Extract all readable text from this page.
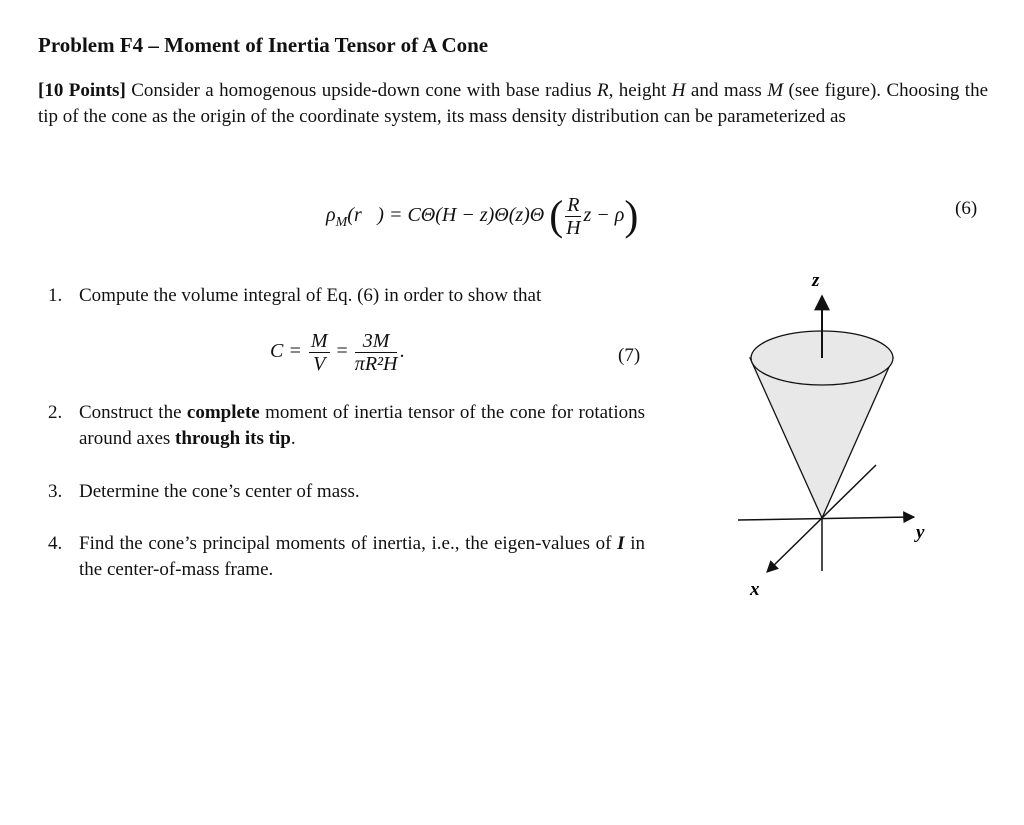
Problem F4 – Moment of Inertia Tensor of A Cone
[10 Points] Consider a homogenous upside-down cone with base radius R, height H and mass M (see figure). Choosing the tip of the cone as the origin of the coordinate system, its mass density distribution can be parameterized as
$\rho_M(r⃗) = C\Theta(H - z)\Theta(z)\Theta$ ( $\frac{R}{H}$ z − ρ)	(6)
1. Compute the volume integral of Eq. (6) in order to show that
2. Construct the complete moment of inertia tensor of the cone for rotations around axes through its tip.
3. Determine the cone’s center of mass.
4. Find the cone’s principal moments of inertia, i.e., the eigen-values of I in the center-of-mass frame.
$C = \frac{M}{V} = \frac{3M}{\text{πR²H}}$ .	(7)
z
y
x
